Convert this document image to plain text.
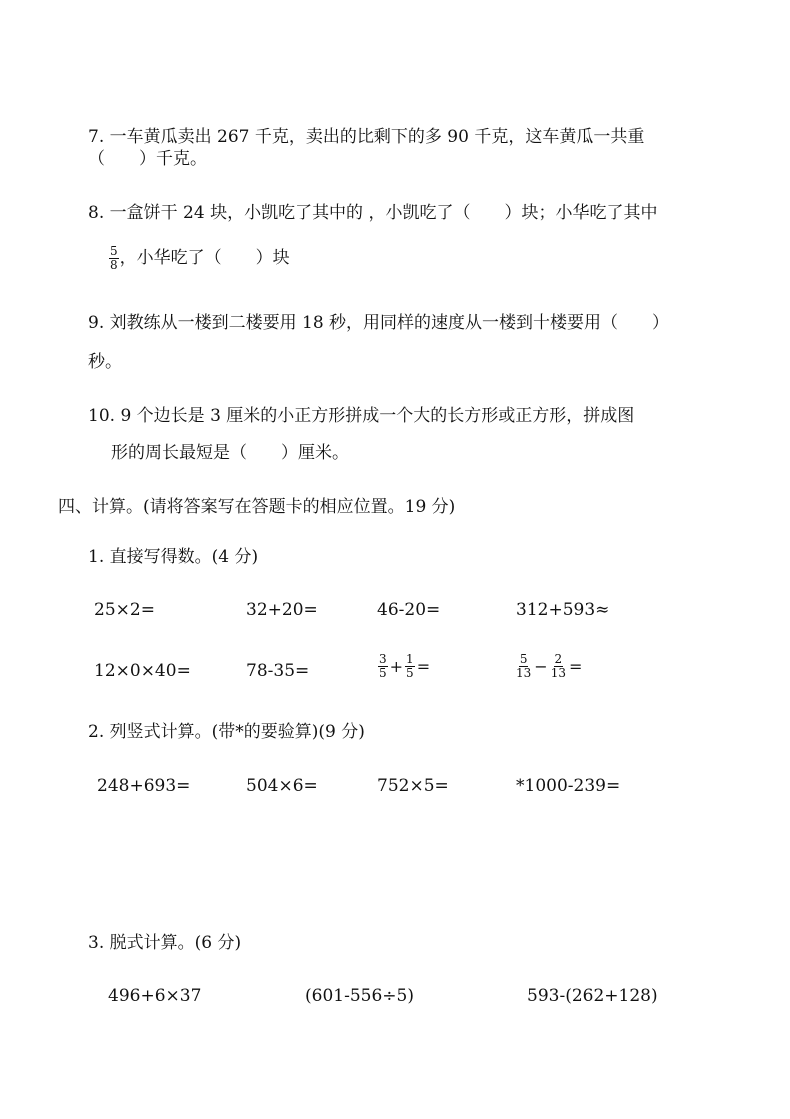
7. 一车黄瓜卖出 267 千克，卖出的比剩下的多 90 千克，这车黄瓜一共重
（　　）千克。
8. 一盒饼干 24 块，小凯吃了其中的 ，小凯吃了（　　）块；小华吃了其中
$\frac{5}{8}$ ，小华吃了（　　）块
9. 刘教练从一楼到二楼要用 18 秒，用同样的速度从一楼到十楼要用（　　）
秒。
10. 9 个边长是 3 厘米的小正方形拼成一个大的长方形或正方形，拼成图
形的周长最短是（　　）厘米。
四、计算。(请将答案写在答题卡的相应位置。19 分)
1. 直接写得数。(4 分)
25×2=	32+20=	46-20=	312+593≈
12×0×40=	78-35=	$\frac{3}{5} + \frac{1}{5}$ =	$\frac{5}{13} - \frac{2}{13}$ =
2. 列竖式计算。(带*的要验算)(9 分)
248+693=	504×6=	752×5=	*1000-239=
3. 脱式计算。(6 分)
496+6×37	(601-556÷5)	593-(262+128)
